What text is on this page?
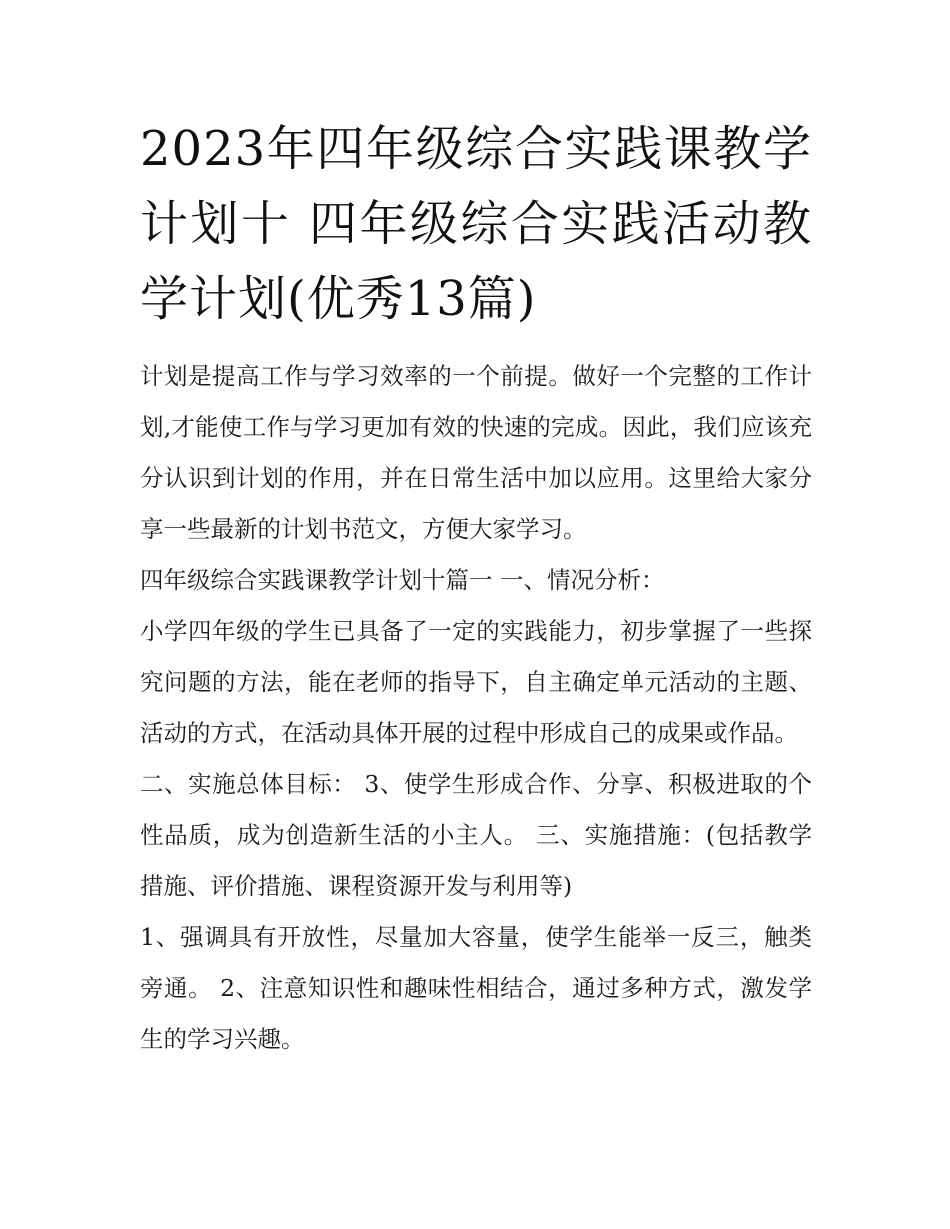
2023年四年级综合实践课教学计划十 四年级综合实践活动教学计划(优秀13篇)

计划是提高工作与学习效率的一个前提。做好一个完整的工作计划,才能使工作与学习更加有效的快速的完成。因此，我们应该充分认识到计划的作用，并在日常生活中加以应用。这里给大家分享一些最新的计划书范文，方便大家学习。

四年级综合实践课教学计划十篇一 一、情况分析：

小学四年级的学生已具备了一定的实践能力，初步掌握了一些探究问题的方法，能在老师的指导下，自主确定单元活动的主题、活动的方式，在活动具体开展的过程中形成自己的成果或作品。

二、实施总体目标： 3、使学生形成合作、分享、积极进取的个性品质，成为创造新生活的小主人。 三、实施措施：(包括教学措施、评价措施、课程资源开发与利用等)

1、强调具有开放性，尽量加大容量，使学生能举一反三，触类旁通。 2、注意知识性和趣味性相结合，通过多种方式，激发学生的学习兴趣。
